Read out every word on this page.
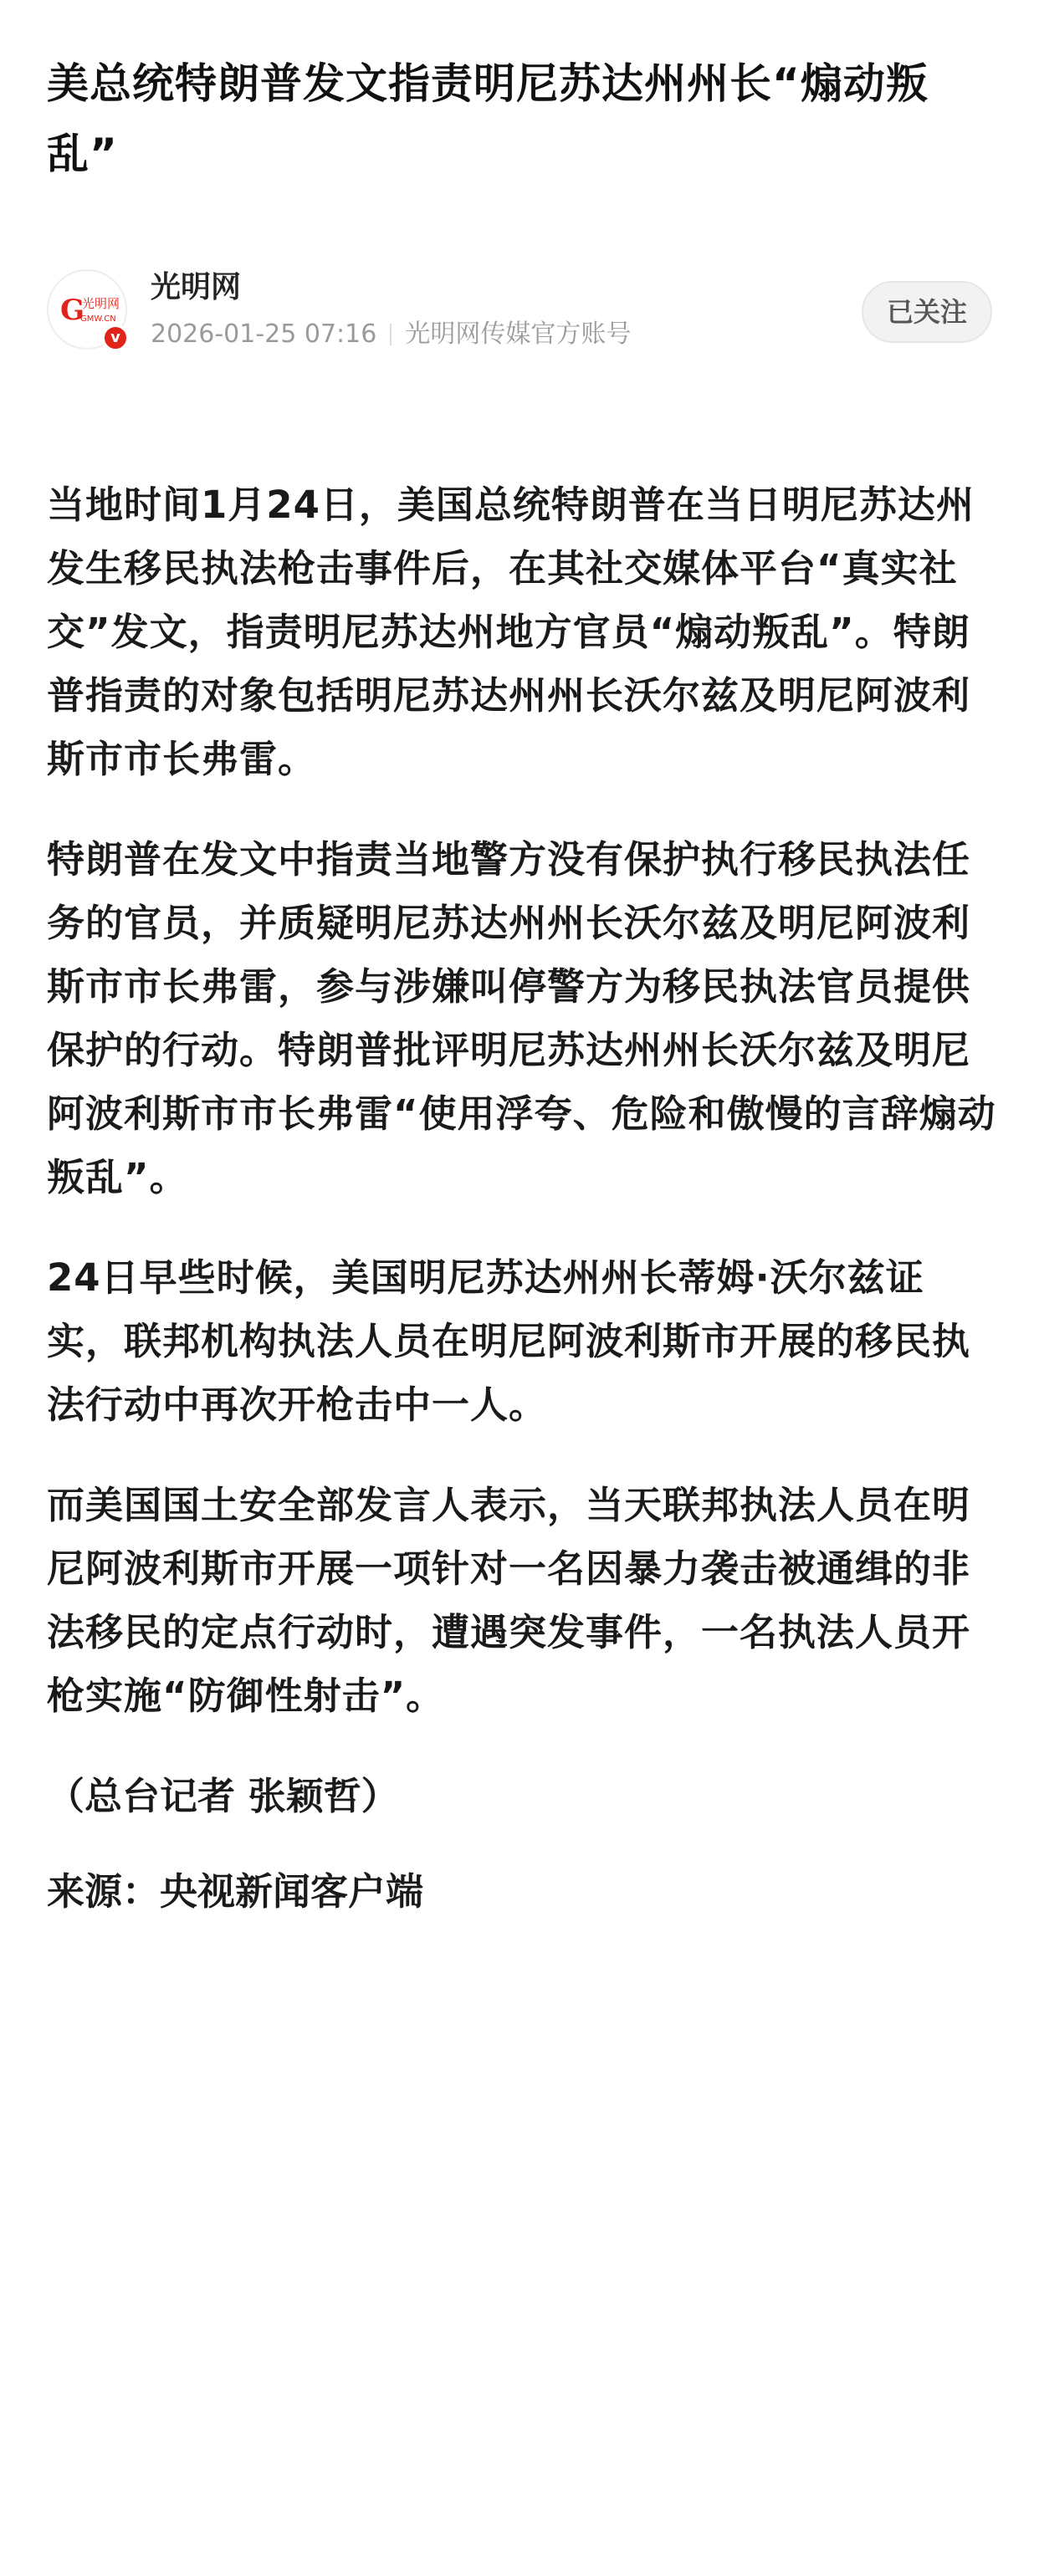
美总统特朗普发文指责明尼苏达州州长“煽动叛乱”
G
光明网
GMW.CN
v
光明网
2026-01-25 07:16 光明网传媒官方账号
已关注

当地时间1月24日，美国总统特朗普在当日明尼苏达州发生移民执法枪击事件后，在其社交媒体平台“真实社交”发文，指责明尼苏达州地方官员“煽动叛乱”。特朗普指责的对象包括明尼苏达州州长沃尔兹及明尼阿波利斯市市长弗雷。

特朗普在发文中指责当地警方没有保护执行移民执法任务的官员，并质疑明尼苏达州州长沃尔兹及明尼阿波利斯市市长弗雷，参与涉嫌叫停警方为移民执法官员提供保护的行动。特朗普批评明尼苏达州州长沃尔兹及明尼阿波利斯市市长弗雷“使用浮夸、危险和傲慢的言辞煽动叛乱”。

24日早些时候，美国明尼苏达州州长蒂姆·沃尔兹证实，联邦机构执法人员在明尼阿波利斯市开展的移民执法行动中再次开枪击中一人。

而美国国土安全部发言人表示，当天联邦执法人员在明尼阿波利斯市开展一项针对一名因暴力袭击被通缉的非法移民的定点行动时，遭遇突发事件，一名执法人员开枪实施“防御性射击”。

（总台记者 张颖哲）

来源：央视新闻客户端
